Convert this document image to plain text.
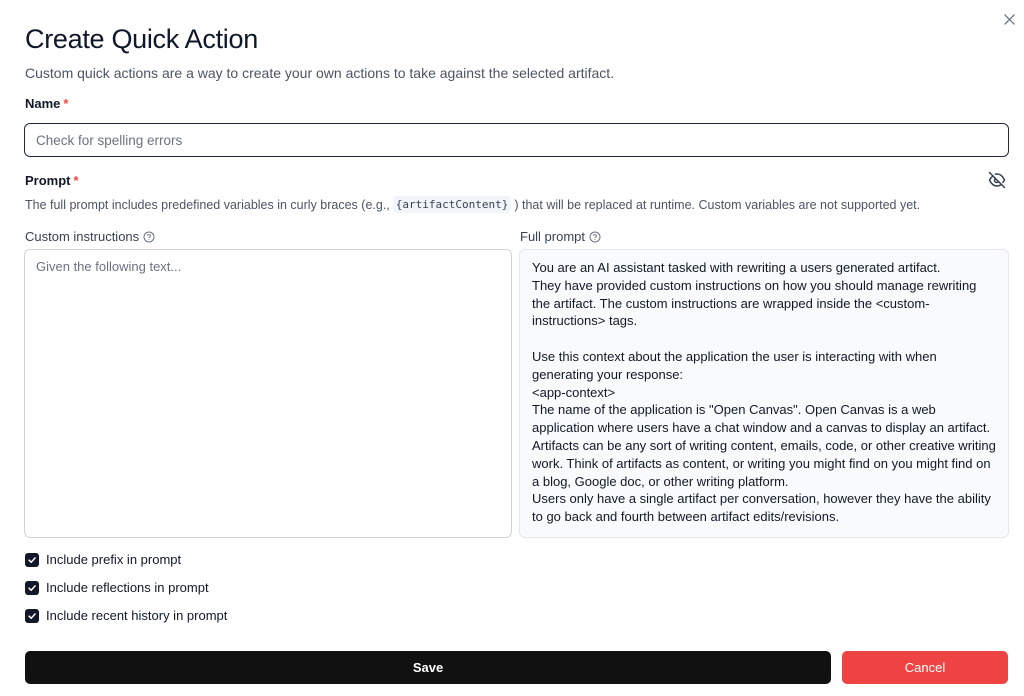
Create Quick Action

Custom quick actions are a way to create your own actions to take against the selected artifact.

Name *
Check for spelling errors
Prompt *
The full prompt includes predefined variables in curly braces (e.g., {artifactContent} ) that will be replaced at runtime. Custom variables are not supported yet.
Custom instructions	Full prompt
Given the following text...
You are an AI assistant tasked with rewriting a users generated artifact.
They have provided custom instructions on how you should manage rewriting the artifact. The custom instructions are wrapped inside the <custom-instructions> tags.

Use this context about the application the user is interacting with when generating your response:
<app-context>
The name of the application is "Open Canvas". Open Canvas is a web application where users have a chat window and a canvas to display an artifact.
Artifacts can be any sort of writing content, emails, code, or other creative writing work. Think of artifacts as content, or writing you might find on you might find on a blog, Google doc, or other writing platform.
Users only have a single artifact per conversation, however they have the ability to go back and fourth between artifact edits/revisions.
Include prefix in prompt
Include reflections in prompt
Include recent history in prompt
Save	Cancel
